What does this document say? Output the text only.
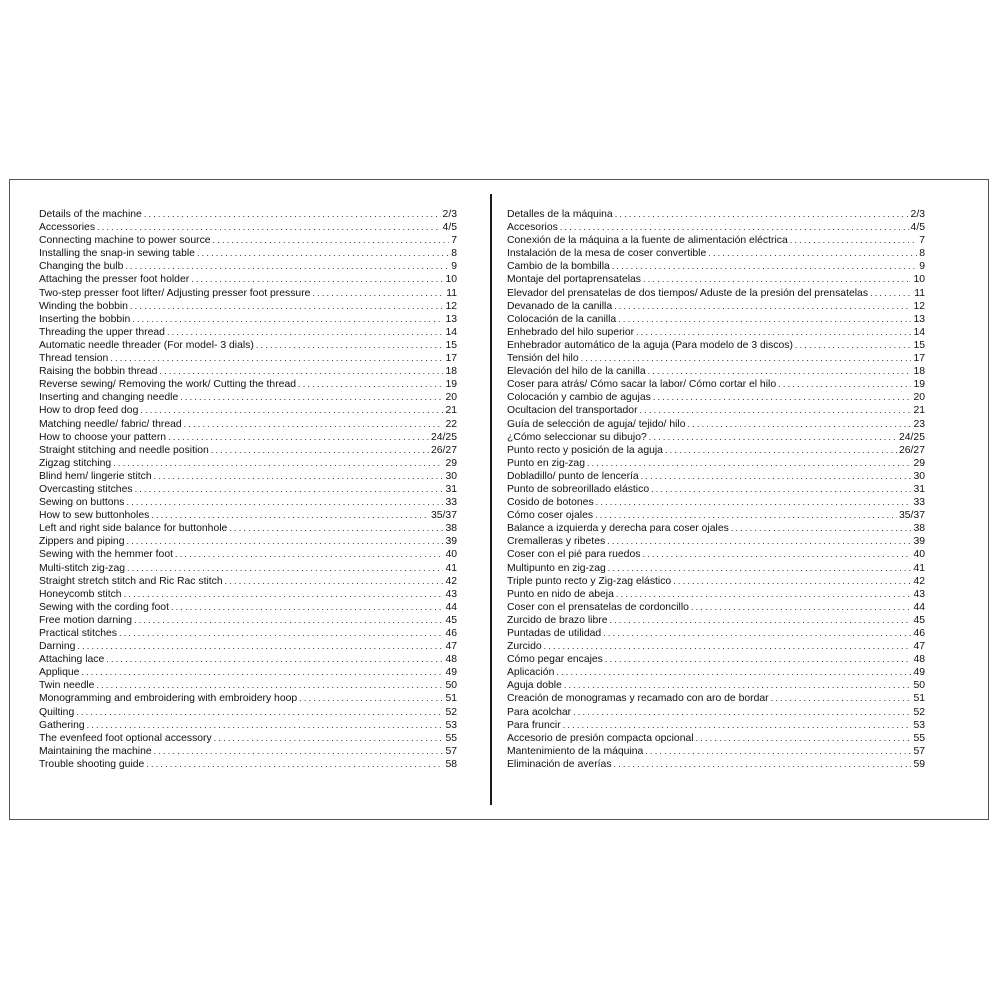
Details of the machine .....	2/3
Accessories .....	4/5
Connecting machine to power source .....	7
Installing the snap-in sewing table .....	8
Changing the bulb .....	9
Attaching the presser foot holder .....	10
Two-step presser foot lifter/ Adjusting presser foot pressure .....	11
Winding the bobbin .....	12
Inserting the bobbin .....	13
Threading the upper thread .....	14
Automatic needle threader (For model- 3 dials) .....	15
Thread tension .....	17
Raising the bobbin thread .....	18
Reverse sewing/ Removing the work/ Cutting the thread .....	19
Inserting and changing needle .....	20
How to drop feed dog .....	21
Matching needle/ fabric/ thread .....	22
How to choose your pattern .....	24/25
Straight stitching and needle position .....	26/27
Zigzag stitching .....	29
Blind hem/ lingerie stitch .....	30
Overcasting stitches .....	31
Sewing on buttons .....	33
How to sew buttonholes .....	35/37
Left and right side balance for buttonhole .....	38
Zippers and piping .....	39
Sewing with the hemmer foot .....	40
Multi-stitch zig-zag .....	41
Straight stretch stitch and Ric Rac stitch .....	42
Honeycomb stitch .....	43
Sewing with the cording foot .....	44
Free motion darning .....	45
Practical stitches .....	46
Darning .....	47
Attaching lace .....	48
Applique .....	49
Twin needle .....	50
Monogramming and embroidering with embroidery hoop .....	51
Quilting .....	52
Gathering .....	53
The evenfeed foot optional accessory .....	55
Maintaining the machine .....	57
Trouble shooting guide .....	58
Detalles de la máquina .....	2/3
Accesorios .....	4/5
Conexión de la máquina a la fuente de alimentación eléctrica .....	7
Instalación de la mesa de coser convertible .....	8
Cambio de la bombilla .....	9
Montaje del portaprensatelas .....	10
Elevador del prensatelas de dos tiempos/ Aduste de la presión del prensatelas .....	11
Devanado de la canilla .....	12
Colocación de la canilla .....	13
Enhebrado del hilo superior .....	14
Enhebrador automático de la aguja (Para modelo de 3 discos) .....	15
Tensión del hilo .....	17
Elevación del hilo de la canilla .....	18
Coser para atrás/ Cómo sacar la labor/ Cómo cortar el hilo .....	19
Colocación y cambio de agujas .....	20
Ocultacion del transportador .....	21
Guía de selección de aguja/ tejido/ hilo .....	23
¿Cómo seleccionar su dibujo? .....	24/25
Punto recto y posición de la aguja .....	26/27
Punto en zig-zag .....	29
Dobladillo/ punto de lencería .....	30
Punto de sobreorillado elástico .....	31
Cosido de botones .....	33
Cómo coser ojales .....	35/37
Balance a izquierda y derecha para coser ojales .....	38
Cremalleras y ribetes .....	39
Coser con el pié para ruedos .....	40
Multipunto en zig-zag .....	41
Triple punto recto y Zig-zag elástico .....	42
Punto en nido de abeja .....	43
Coser con el prensatelas de cordoncillo .....	44
Zurcido de brazo libre .....	45
Puntadas de utilidad .....	46
Zurcido .....	47
Cómo pegar encajes .....	48
Aplicación .....	49
Aguja doble .....	50
Creación de monogramas y recamado con aro de bordar .....	51
Para acolchar .....	52
Para fruncir .....	53
Accesorio de presión compacta opcional .....	55
Mantenimiento de la máquina .....	57
Eliminación de averías .....	59
